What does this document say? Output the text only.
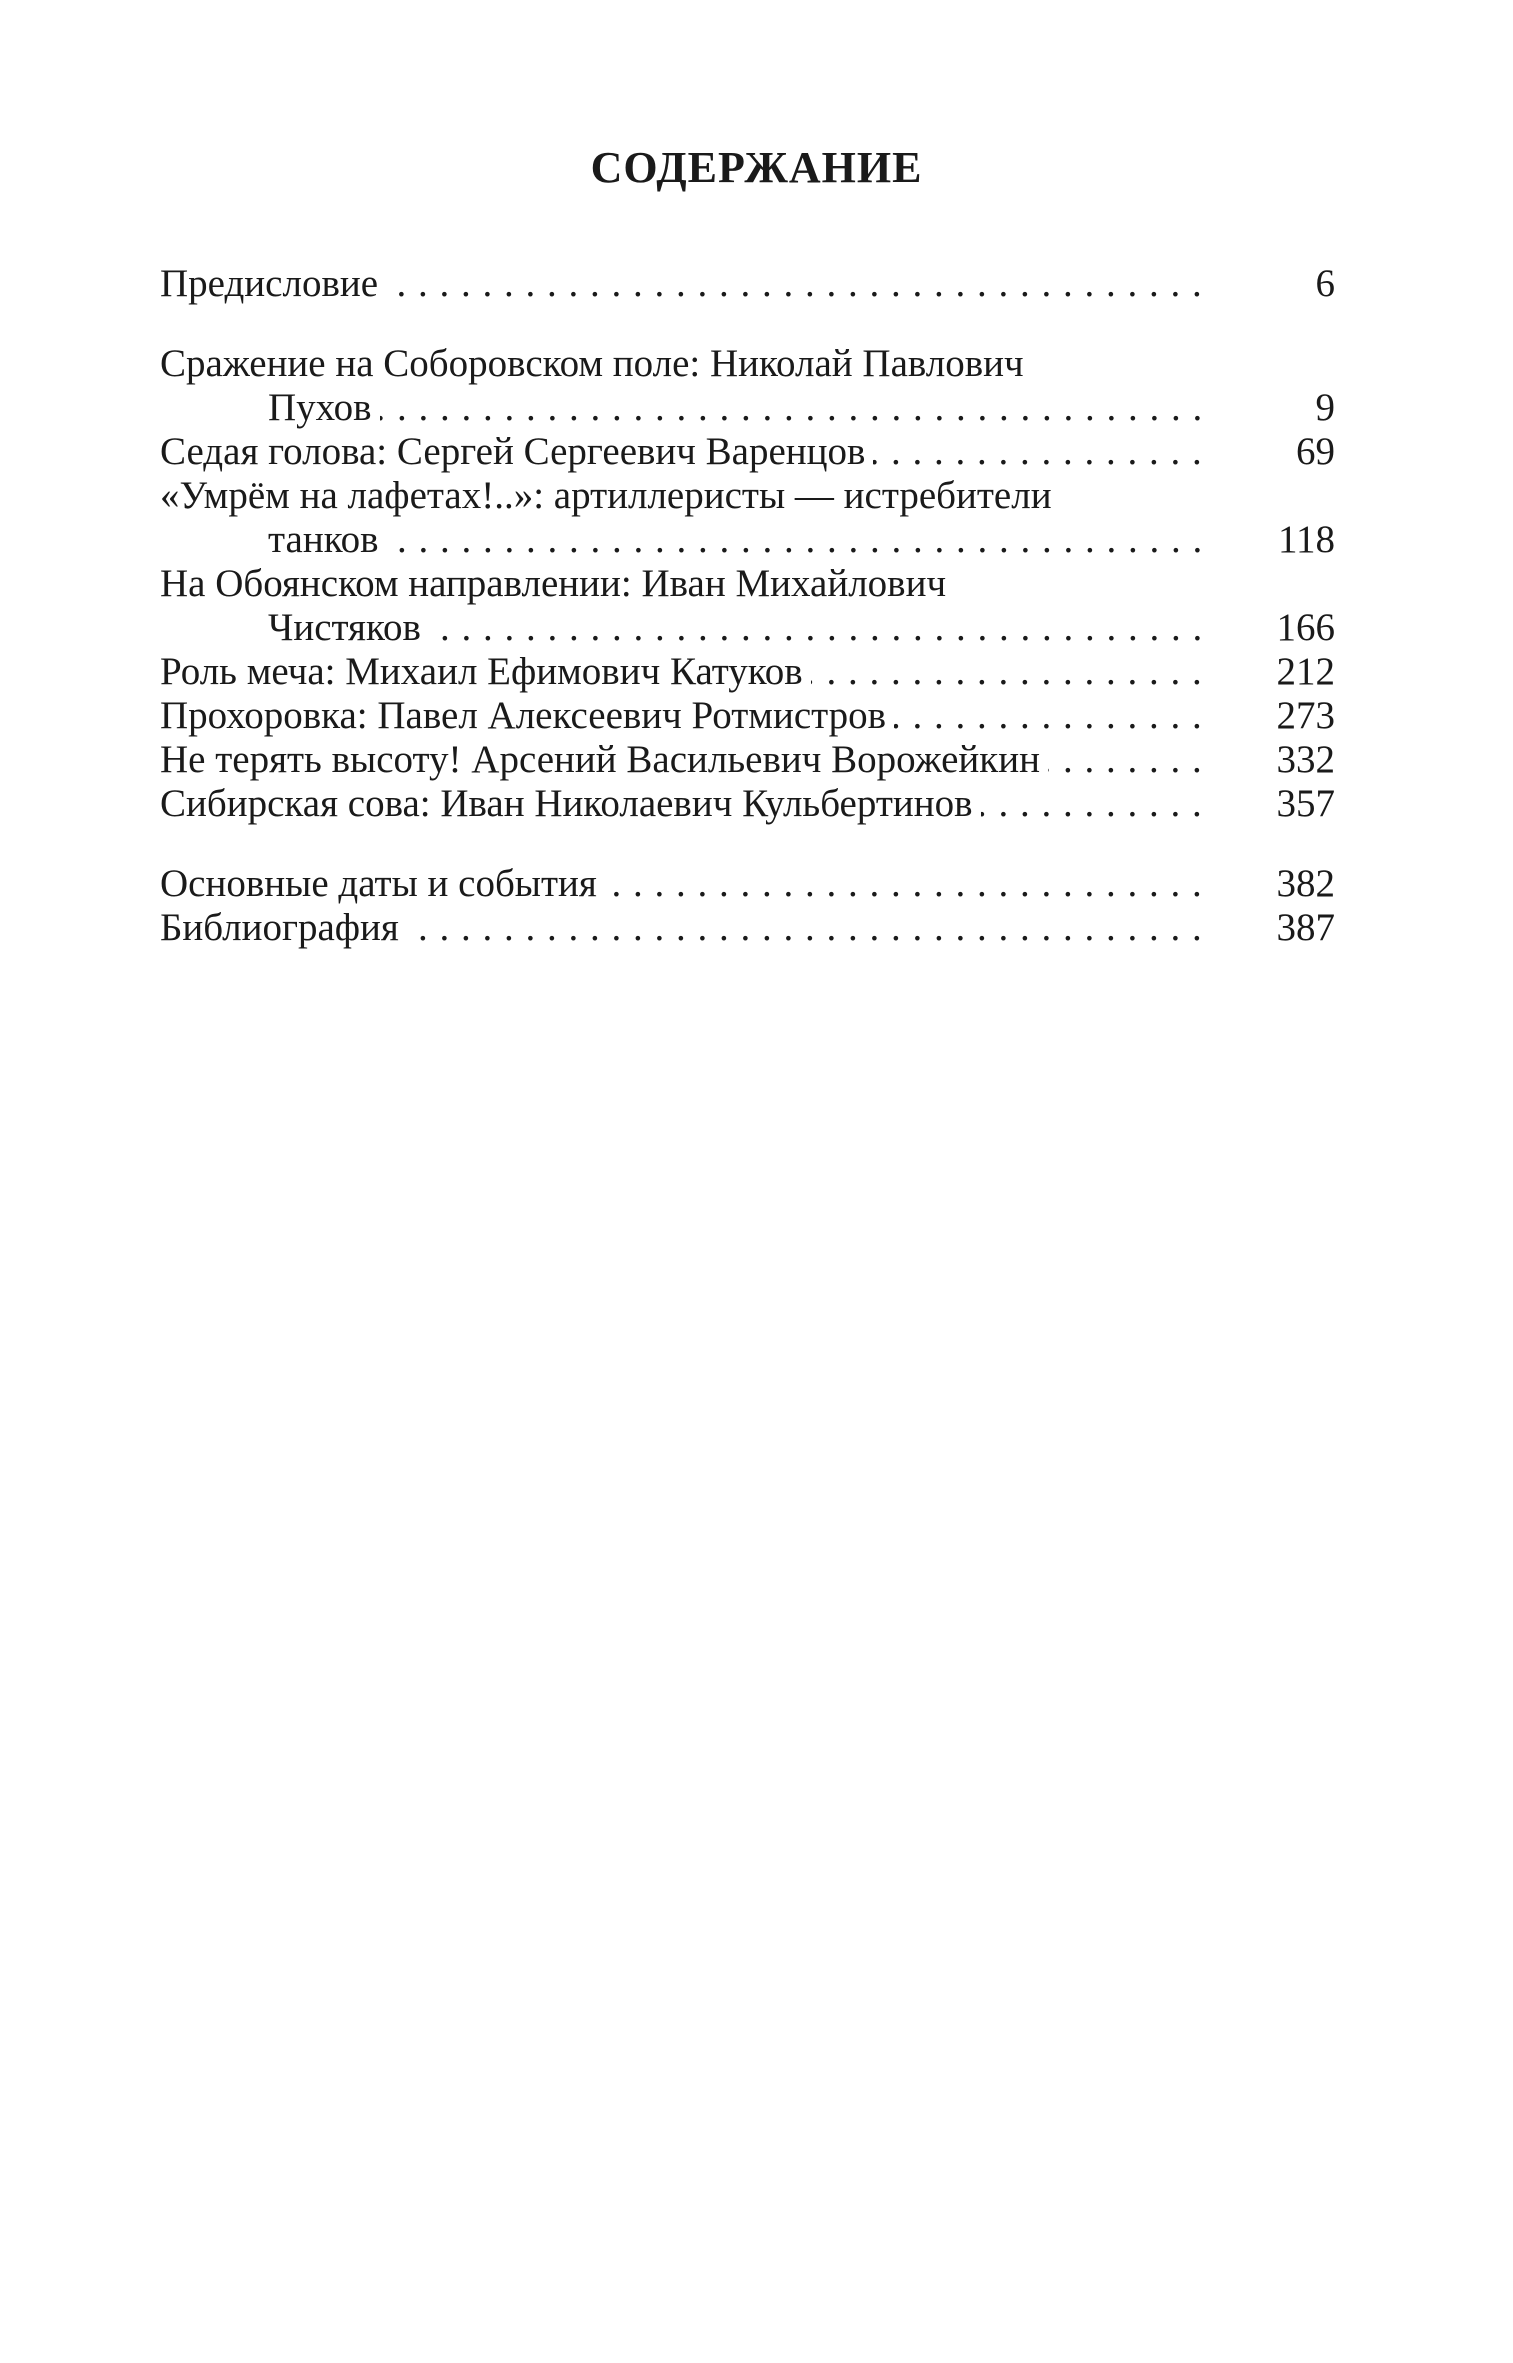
СОДЕРЖАНИЕ
Предисловие . . .	6
Сражение на Соборовском поле: Николай Павлович
Пухов . . .	9
Седая голова: Сергей Сергеевич Варенцов . . .	69
«Умрём на лафетах!..»: артиллеристы — истребители
танков . . .	118
На Обоянском направлении: Иван Михайлович
Чистяков . . .	166
Роль меча: Михаил Ефимович Катуков . . .	212
Прохоровка: Павел Алексеевич Ротмистров . . .	273
Не терять высоту! Арсений Васильевич Ворожейкин . . .	332
Сибирская сова: Иван Николаевич Кульбертинов . . .	357
Основные даты и события . . .	382
Библиография . . .	387
